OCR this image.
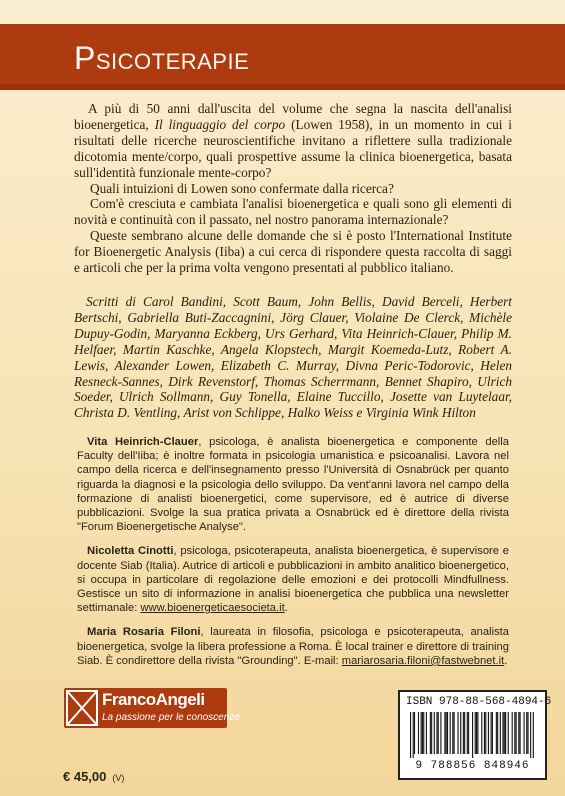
Psicoterapie

A più di 50 anni dall'uscita del volume che segna la nascita dell'analisi bioenergetica, Il linguaggio del corpo (Lowen 1958), in un momento in cui i risultati delle ricerche neuroscientifiche invitano a riflettere sulla tradizionale dicotomia mente/corpo, quali prospettive assume la clinica bioenergetica, basata sull'identità funzionale mente-corpo?

Quali intuizioni di Lowen sono confermate dalla ricerca?

Com'è cresciuta e cambiata l'analisi bioenergetica e quali sono gli elementi di novità e continuità con il passato, nel nostro panorama internazionale?

Queste sembrano alcune delle domande che si è posto l'International Institute for Bioenergetic Analysis (Iiba) a cui cerca di rispondere questa raccolta di saggi e articoli che per la prima volta vengono presentati al pubblico italiano.

Scritti di Carol Bandini, Scott Baum, John Bellis, David Berceli, Herbert Bertschi, Gabriella Buti-Zaccagnini, Jörg Clauer, Violaine De Clerck, Michèle Dupuy-Godin, Maryanna Eckberg, Urs Gerhard, Vita Heinrich-Clauer, Philip M. Helfaer, Martin Kaschke, Angela Klopstech, Margit Koemeda-Lutz, Robert A. Lewis, Alexander Lowen, Elizabeth C. Murray, Divna Peric-Todorovic, Helen Resneck-Sannes, Dirk Revenstorf, Thomas Scherrmann, Bennet Shapiro, Ulrich Soeder, Ulrich Sollmann, Guy Tonella, Elaine Tuccillo, Josette van Luytelaar, Christa D. Ventling, Arist von Schlippe, Halko Weiss e Virginia Wink Hilton

Vita Heinrich-Clauer, psicologa, è analista bioenergetica e componente della Faculty dell'Iiba; è inoltre formata in psicologia umanistica e psicoanalisi. Lavora nel campo della ricerca e dell'insegnamento presso l'Università di Osnabrück per quanto riguarda la diagnosi e la psicologia dello sviluppo. Da vent'anni lavora nel campo della formazione di analisti bioenergetici, come supervisore, ed è autrice di diverse pubblicazioni. Svolge la sua pratica privata a Osnabrück ed è direttore della rivista "Forum Bioenergetische Analyse".

Nicoletta Cinotti, psicologa, psicoterapeuta, analista bioenergetica, è supervisore e docente Siab (Italia). Autrice di articoli e pubblicazioni in ambito analitico bioenergetico, si occupa in particolare di regolazione delle emozioni e dei protocolli Mindfullness. Gestisce un sito di informazione in analisi bioenergetica che pubblica una newsletter settimanale: www.bioenergeticaesocieta.it.

Maria Rosaria Filoni, laureata in filosofia, psicologa e psicoterapeuta, analista bioenergetica, svolge la libera professione a Roma. È local trainer e direttore di training Siab. È condirettore della rivista "Grounding". E-mail: mariarosaria.filoni@fastwebnet.it.

FrancoAngeli
La passione per le conoscenze
ISBN 978-88-568-4894-6
9 788856 848946
€ 45,00 (V)
